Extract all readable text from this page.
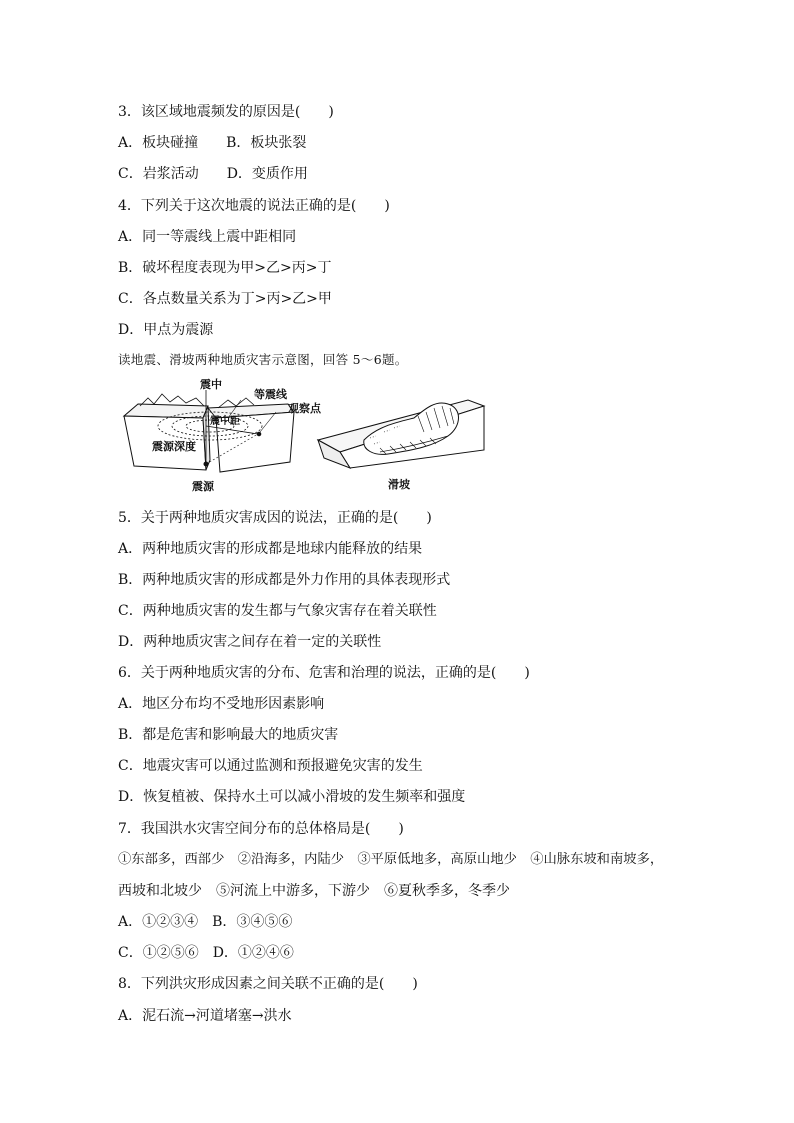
3．该区域地震频发的原因是(　　)
A．板块碰撞　　B．板块张裂
C．岩浆活动　　D．变质作用
4．下列关于这次地震的说法正确的是(　　)
A．同一等震线上震中距相同
B．破坏程度表现为甲>乙>丙>丁
C．各点数量关系为丁>丙>乙>甲
D．甲点为震源
读地震、滑坡两种地质灾害示意图，回答 5～6题。
震中
等震线
观察点
震中距
震源深度
震源	滑坡
5．关于两种地质灾害成因的说法，正确的是(　　)
A．两种地质灾害的形成都是地球内能释放的结果
B．两种地质灾害的形成都是外力作用的具体表现形式
C．两种地质灾害的发生都与气象灾害存在着关联性
D．两种地质灾害之间存在着一定的关联性
6．关于两种地质灾害的分布、危害和治理的说法，正确的是(　　)
A．地区分布均不受地形因素影响
B．都是危害和影响最大的地质灾害
C．地震灾害可以通过监测和预报避免灾害的发生
D．恢复植被、保持水土可以减小滑坡的发生频率和强度
7．我国洪水灾害空间分布的总体格局是(　　)
①东部多，西部少　②沿海多，内陆少　③平原低地多，高原山地少　④山脉东坡和南坡多，
西坡和北坡少　⑤河流上中游多，下游少　⑥夏秋季多，冬季少
A．①②③④　B．③④⑤⑥
C．①②⑤⑥　D．①②④⑥
8．下列洪灾形成因素之间关联不正确的是(　　)
A．泥石流→河道堵塞→洪水
